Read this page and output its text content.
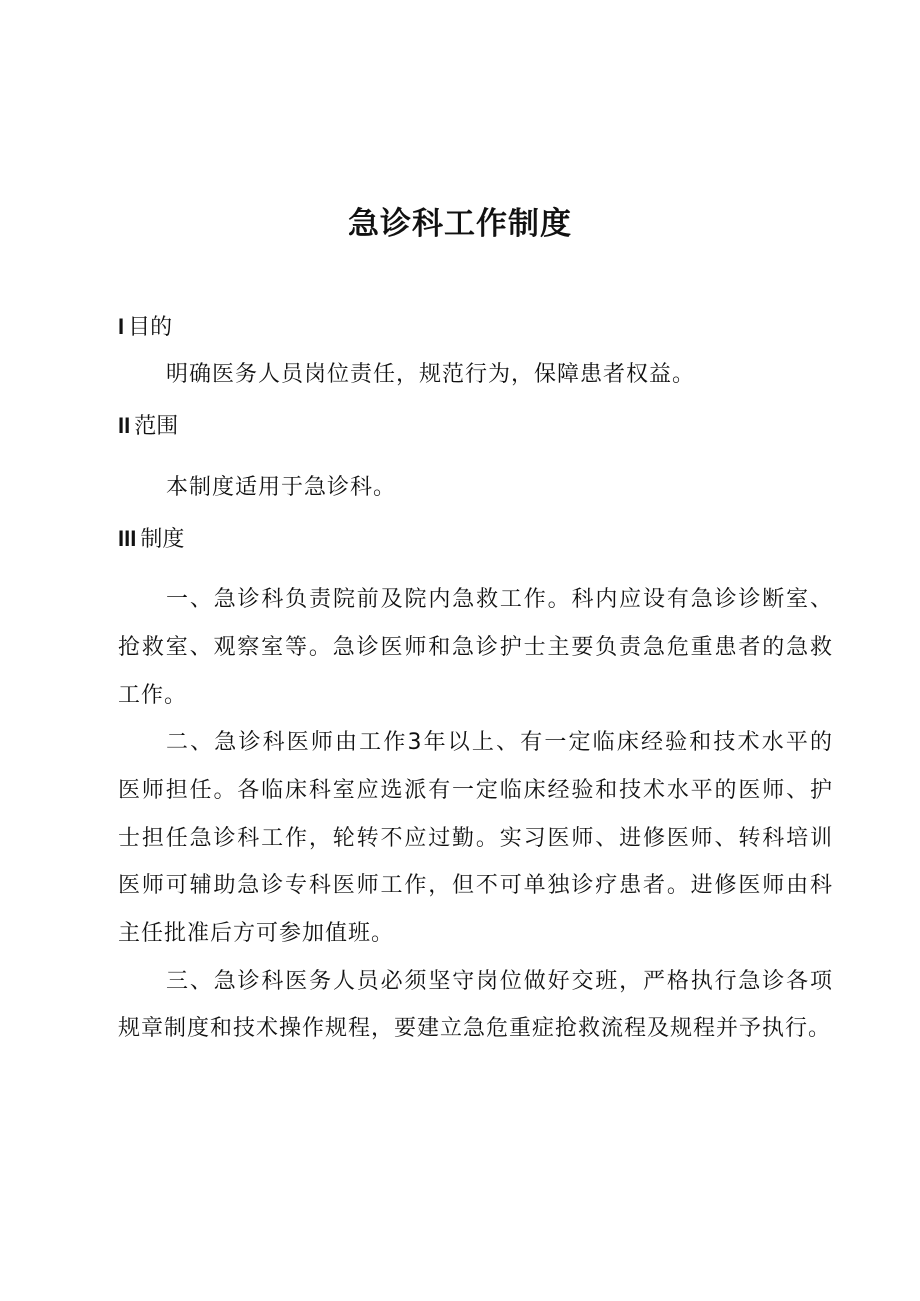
急诊科工作制度
I 目的
明确医务人员岗位责任，规范行为，保障患者权益。
II 范围
本制度适用于急诊科。
III 制度
一、急诊科负责院前及院内急救工作。科内应设有急诊诊断室、
抢救室、观察室等。急诊医师和急诊护士主要负责急危重患者的急救
工作。
二、急诊科医师由工作3年以上、有一定临床经验和技术水平的
医师担任。各临床科室应选派有一定临床经验和技术水平的医师、护
士担任急诊科工作，轮转不应过勤。实习医师、进修医师、转科培训
医师可辅助急诊专科医师工作，但不可单独诊疗患者。进修医师由科
主任批准后方可参加值班。
三、急诊科医务人员必须坚守岗位做好交班，严格执行急诊各项
规章制度和技术操作规程，要建立急危重症抢救流程及规程并予执行。
